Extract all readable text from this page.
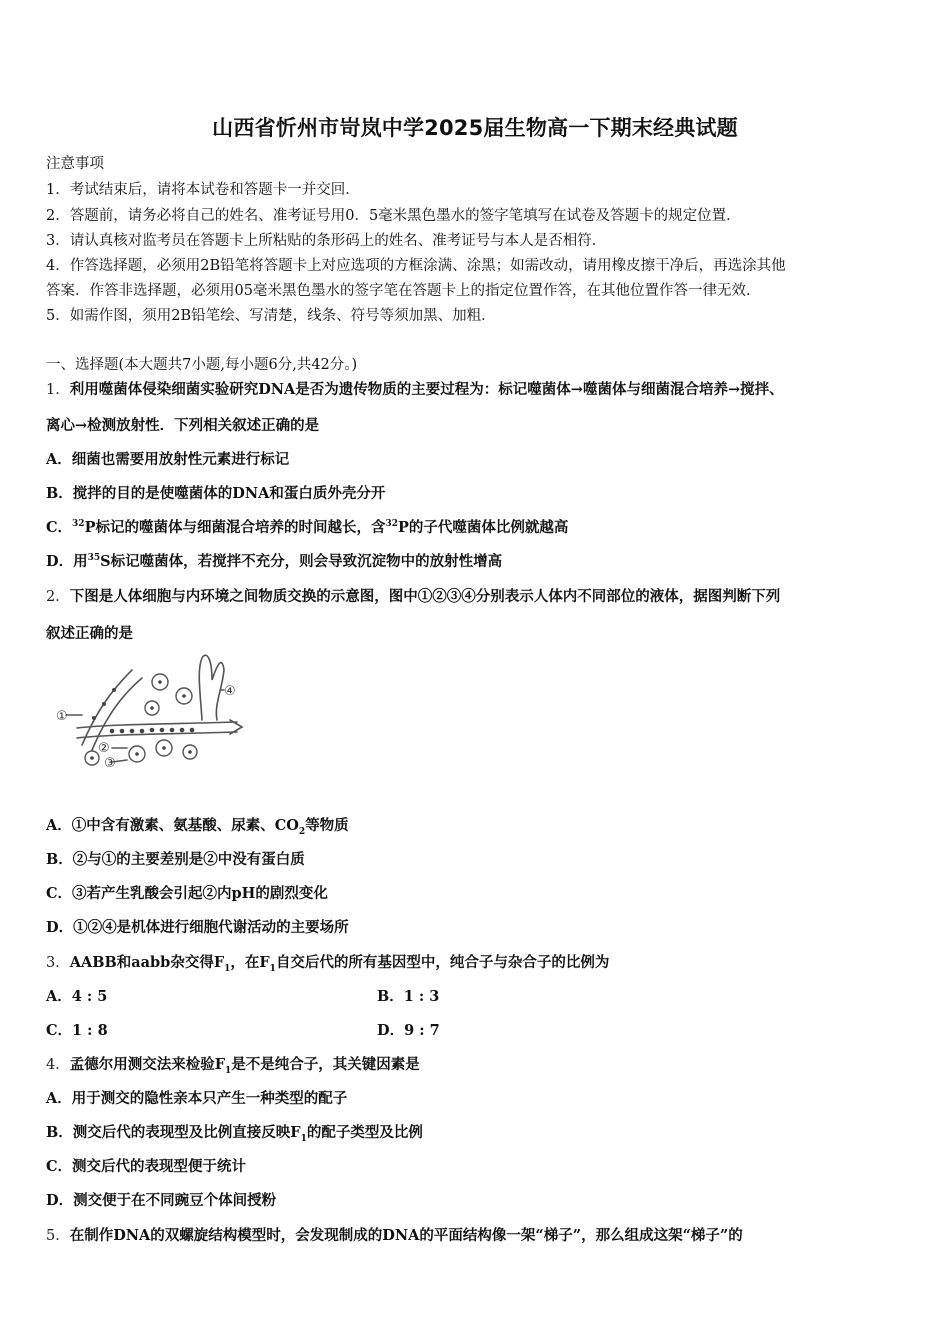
山西省忻州市岢岚中学2025届生物高一下期末经典试题
注意事项
1．考试结束后，请将本试卷和答题卡一并交回．
2．答题前，请务必将自己的姓名、准考证号用0．5毫米黑色墨水的签字笔填写在试卷及答题卡的规定位置．
3．请认真核对监考员在答题卡上所粘贴的条形码上的姓名、准考证号与本人是否相符．
4．作答选择题，必须用2B铅笔将答题卡上对应选项的方框涂满、涂黑；如需改动，请用橡皮擦干净后，再选涂其他
答案．作答非选择题，必须用05毫米黑色墨水的签字笔在答题卡上的指定位置作答，在其他位置作答一律无效．
5．如需作图，须用2B铅笔绘、写清楚，线条、符号等须加黑、加粗．
一、选择题(本大题共7小题,每小题6分,共42分。)
1．利用噬菌体侵染细菌实验研究DNA是否为遗传物质的主要过程为：标记噬菌体→噬菌体与细菌混合培养→搅拌、
离心→检测放射性．下列相关叙述正确的是
A．细菌也需要用放射性元素进行标记
B．搅拌的目的是使噬菌体的DNA和蛋白质外壳分开
C．$^{32}$P标记的噬菌体与细菌混合培养的时间越长，含$^{32}$P的子代噬菌体比例就越高
D．用$^{35}$S标记噬菌体，若搅拌不充分，则会导致沉淀物中的放射性增高
2．下图是人体细胞与内环境之间物质交换的示意图，图中①②③④分别表示人体内不同部位的液体，据图判断下列
叙述正确的是
①
②
③
④
A．①中含有激素、氨基酸、尿素、$CO_2$等物质
B．②与①的主要差别是②中没有蛋白质
C．③若产生乳酸会引起②内pH的剧烈变化
D．①②④是机体进行细胞代谢活动的主要场所
3．AABB和aabb杂交得$F_1$，在$F_1$自交后代的所有基因型中，纯合子与杂合子的比例为
A．4 : 5	B．1 : 3
C．1 : 8	D．9 : 7
4．孟德尔用测交法来检验$F_1$是不是纯合子，其关键因素是
A．用于测交的隐性亲本只产生一种类型的配子
B．测交后代的表现型及比例直接反映$F_1$的配子类型及比例
C．测交后代的表现型便于统计
D．测交便于在不同豌豆个体间授粉
5．在制作DNA的双螺旋结构模型时，会发现制成的DNA的平面结构像一架“梯子”，那么组成这架“梯子”的
